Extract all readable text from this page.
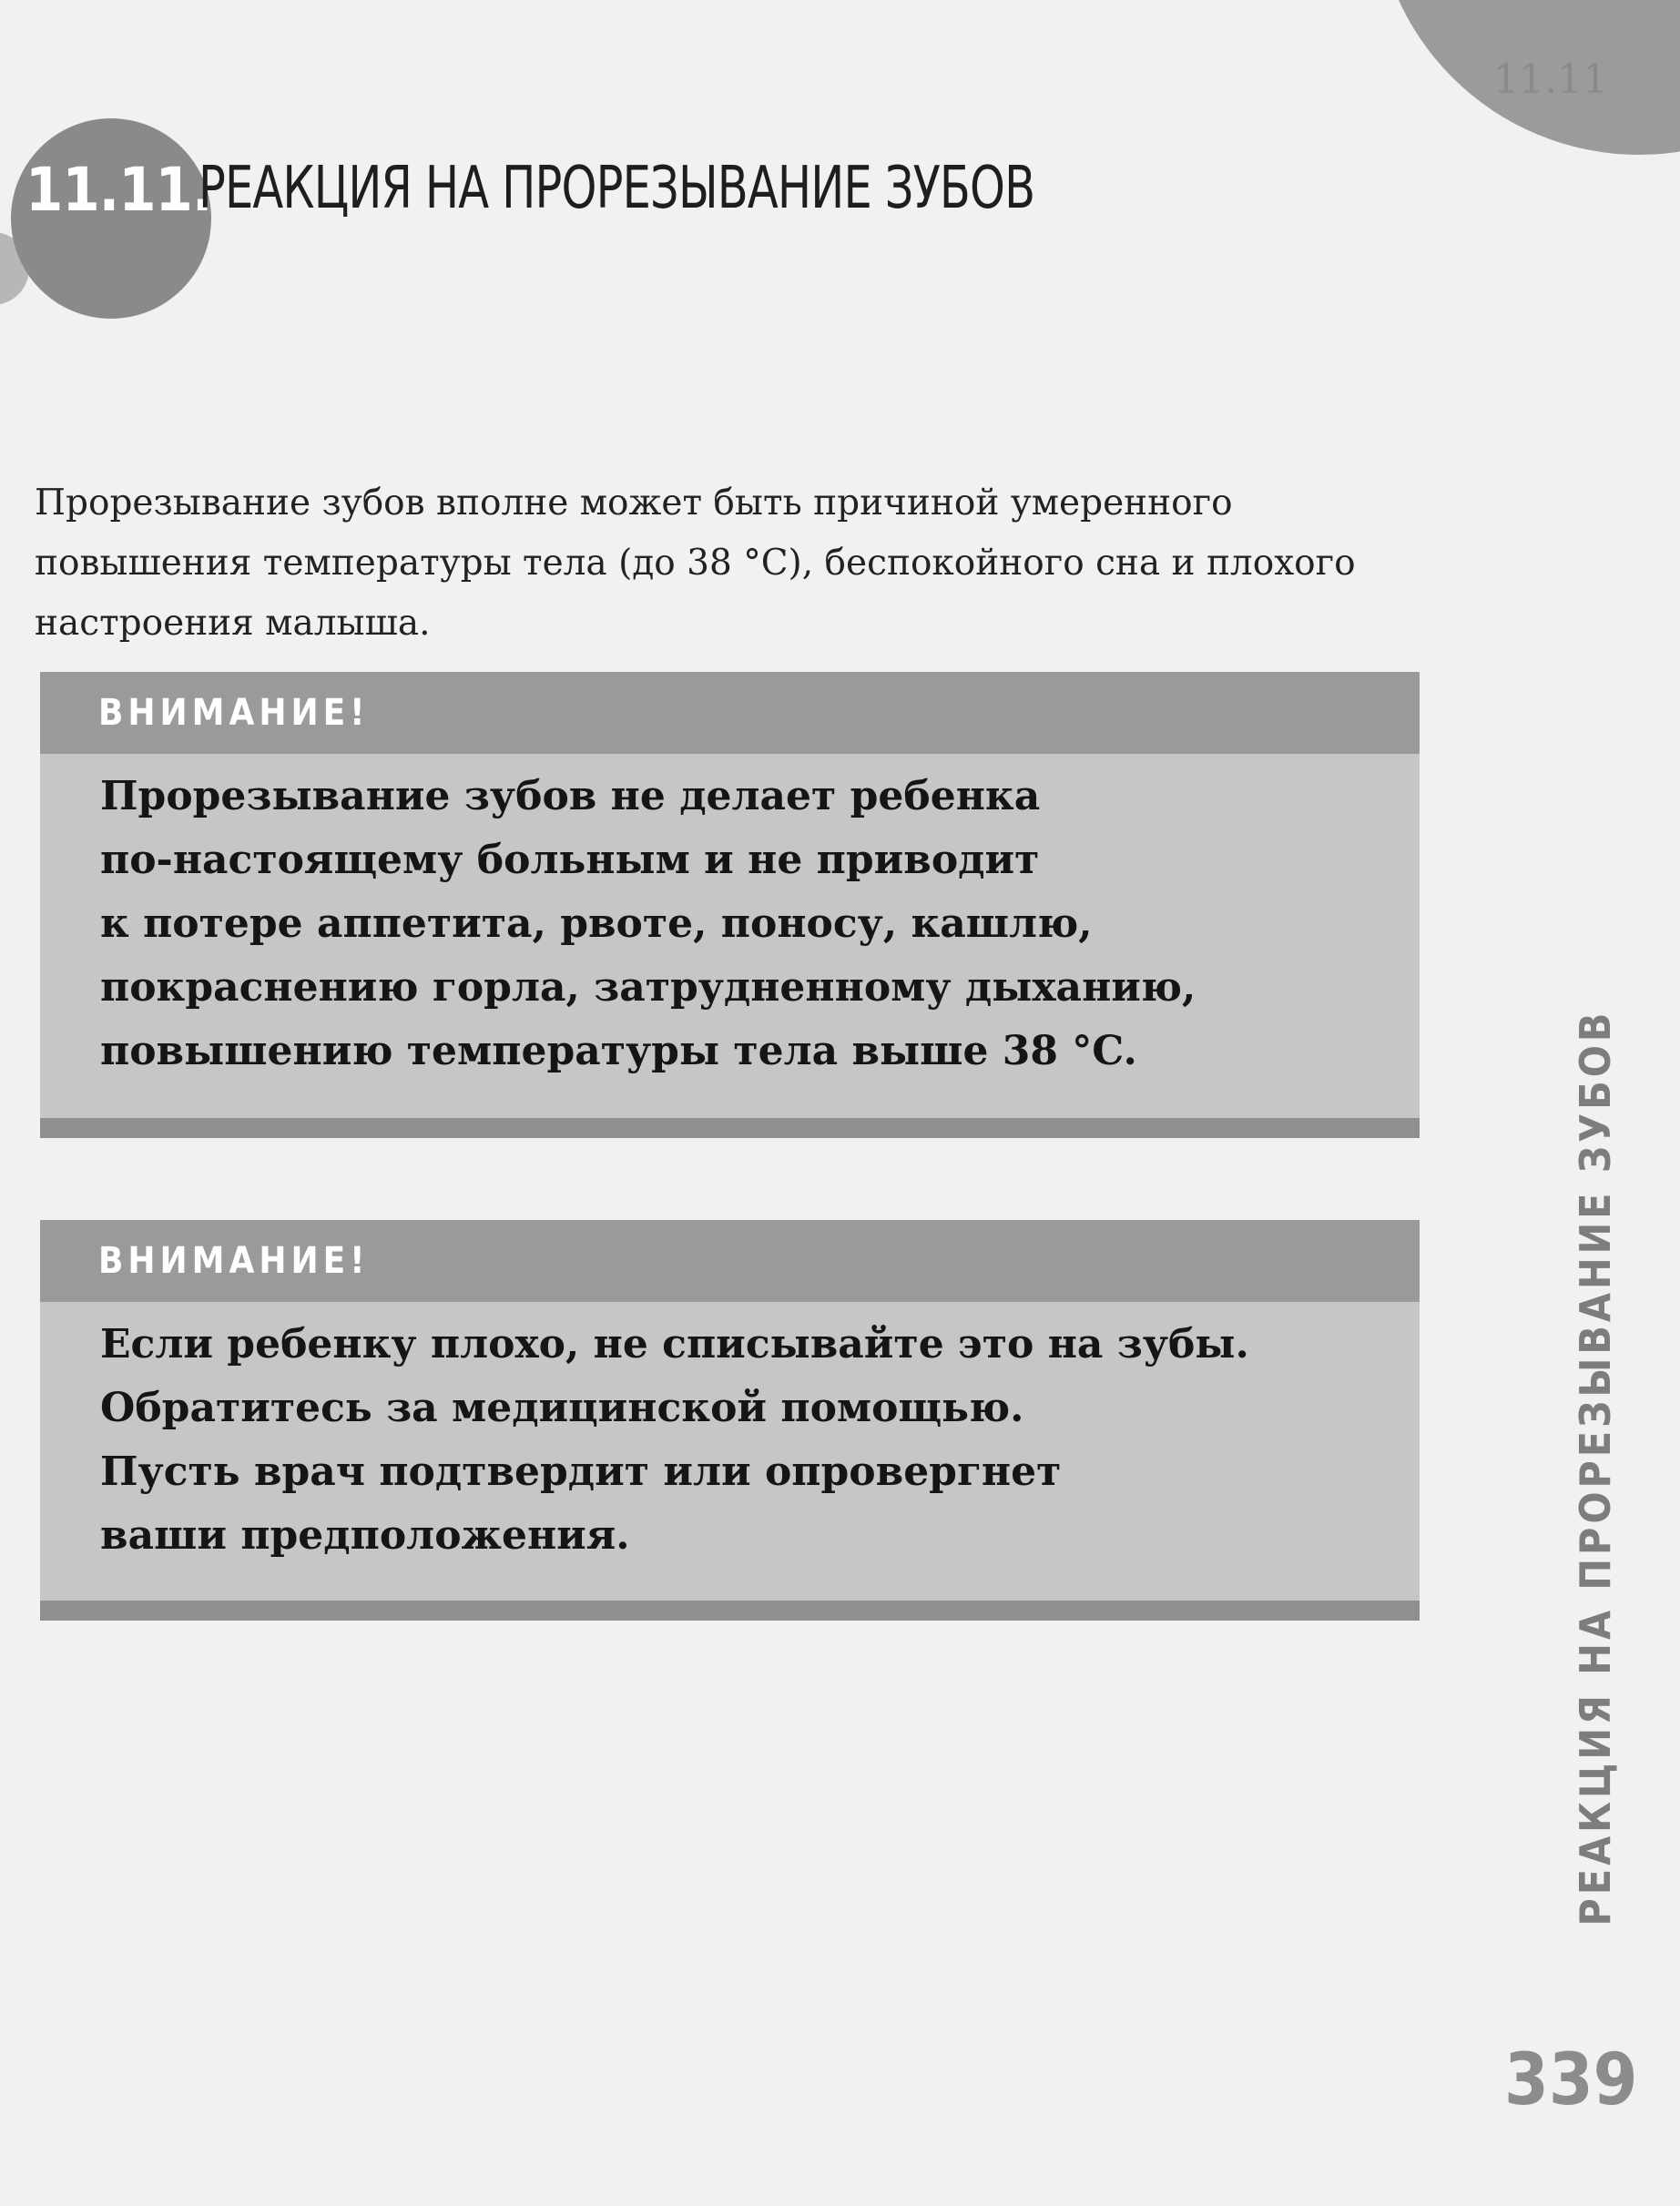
11.11
11.11.
РЕАКЦИЯ НА ПРОРЕЗЫВАНИЕ ЗУБОВ

Прорезывание зубов вполне может быть причиной умеренного повышения температуры тела (до 38 °C), беспокойного сна и плохого настроения малыша.

ВНИМАНИЕ!
Прорезывание зубов не делает ребенка
по-настоящему больным и не приводит
к потере аппетита, рвоте, поносу, кашлю,
покраснению горла, затрудненному дыханию,
повышению температуры тела выше 38 °C.
ВНИМАНИЕ!
Если ребенку плохо, не списывайте это на зубы.
Обратитесь за медицинской помощью.
Пусть врач подтвердит или опровергнет
ваши предположения.	РЕАКЦИЯ НА ПРОРЕЗЫВАНИЕ ЗУБОВ
339
